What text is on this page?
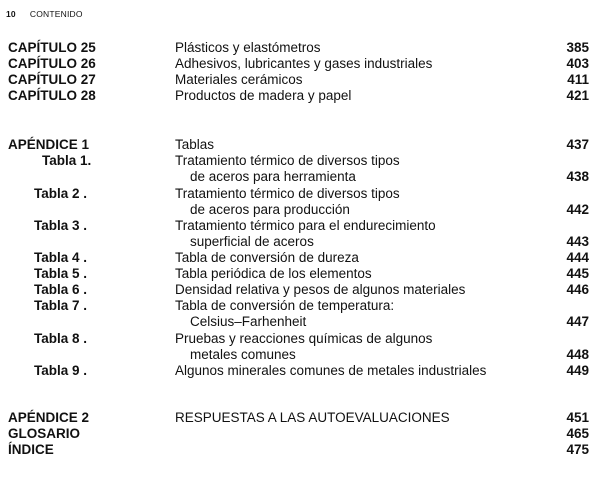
10 CONTENIDO
CAPÍTULO 25	Plásticos y elastómetros	385
CAPÍTULO 26	Adhesivos, lubricantes y gases industriales	403
CAPÍTULO 27	Materiales cerámicos	411
CAPÍTULO 28	Productos de madera y papel	421
APÉNDICE 1	Tablas	437
Tabla 1.	Tratamiento térmico de diversos tipos
de aceros para herramienta	438
Tabla 2 .	Tratamiento térmico de diversos tipos
de aceros para producción	442
Tabla 3 .	Tratamiento térmico para el endurecimiento
superficial de aceros	443
Tabla 4 .	Tabla de conversión de dureza	444
Tabla 5 .	Tabla periódica de los elementos	445
Tabla 6 .	Densidad relativa y pesos de algunos materiales	446
Tabla 7 .	Tabla de conversión de temperatura:
Celsius–Farhenheit	447
Tabla 8 .	Pruebas y reacciones químicas de algunos
metales comunes	448
Tabla 9 .	Algunos minerales comunes de metales industriales	449
APÉNDICE 2	RESPUESTAS A LAS AUTOEVALUACIONES	451
GLOSARIO	465
ÍNDICE	475
